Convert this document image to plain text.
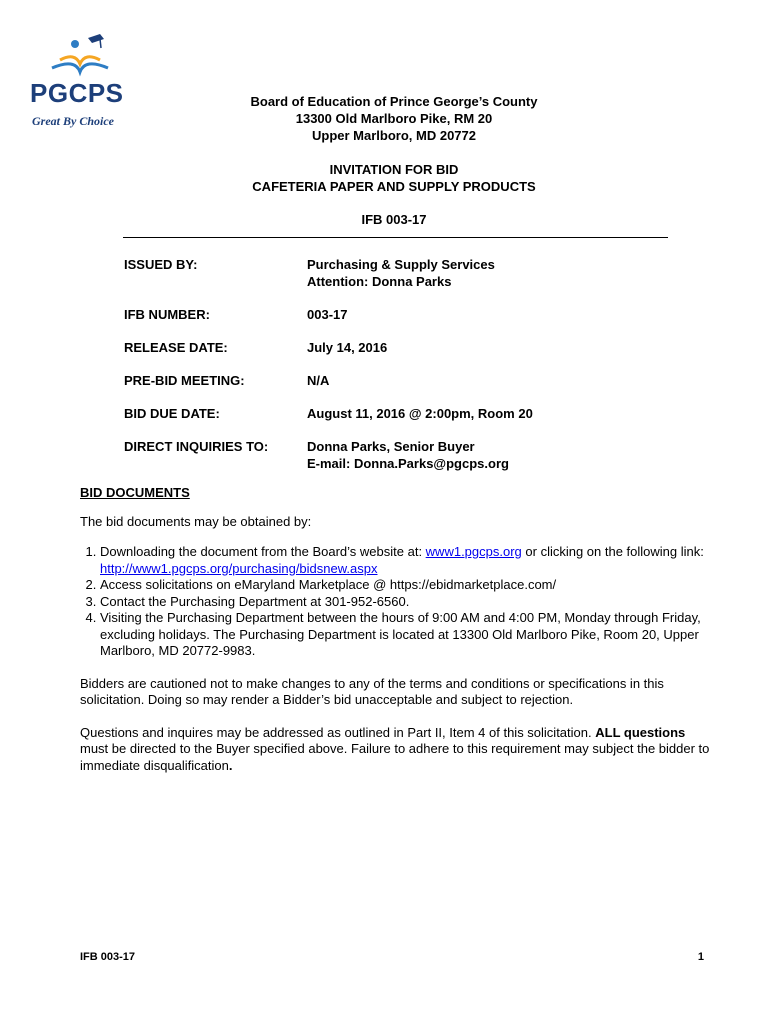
PGCPS
Great By Choice
Board of Education of Prince George’s County
13300 Old Marlboro Pike, RM 20
Upper Marlboro, MD 20772
INVITATION FOR BID
CAFETERIA PAPER AND SUPPLY PRODUCTS
IFB 003-17
ISSUED BY:	Purchasing & Supply Services
Attention: Donna Parks
IFB NUMBER:	003-17
RELEASE DATE:	July 14, 2016
PRE-BID MEETING:	N/A
BID DUE DATE:	August 11, 2016 @ 2:00pm, Room 20
DIRECT INQUIRIES TO:	Donna Parks, Senior Buyer
E-mail: Donna.Parks@pgcps.org
BID DOCUMENTS

The bid documents may be obtained by:

1. Downloading the document from the Board’s website at: www1.pgcps.org or clicking on the following link: http://www1.pgcps.org/purchasing/bidsnew.aspx
2. Access solicitations on eMaryland Marketplace @ https://ebidmarketplace.com/
3. Contact the Purchasing Department at 301-952-6560.
4. Visiting the Purchasing Department between the hours of 9:00 AM and 4:00 PM, Monday through Friday, excluding holidays. The Purchasing Department is located at 13300 Old Marlboro Pike, Room 20, Upper Marlboro, MD 20772-9983.

Bidders are cautioned not to make changes to any of the terms and conditions or specifications in this solicitation. Doing so may render a Bidder’s bid unacceptable and subject to rejection.

Questions and inquires may be addressed as outlined in Part II, Item 4 of this solicitation. ALL questions must be directed to the Buyer specified above. Failure to adhere to this requirement may subject the bidder to immediate disqualification.

IFB 003-17	1
